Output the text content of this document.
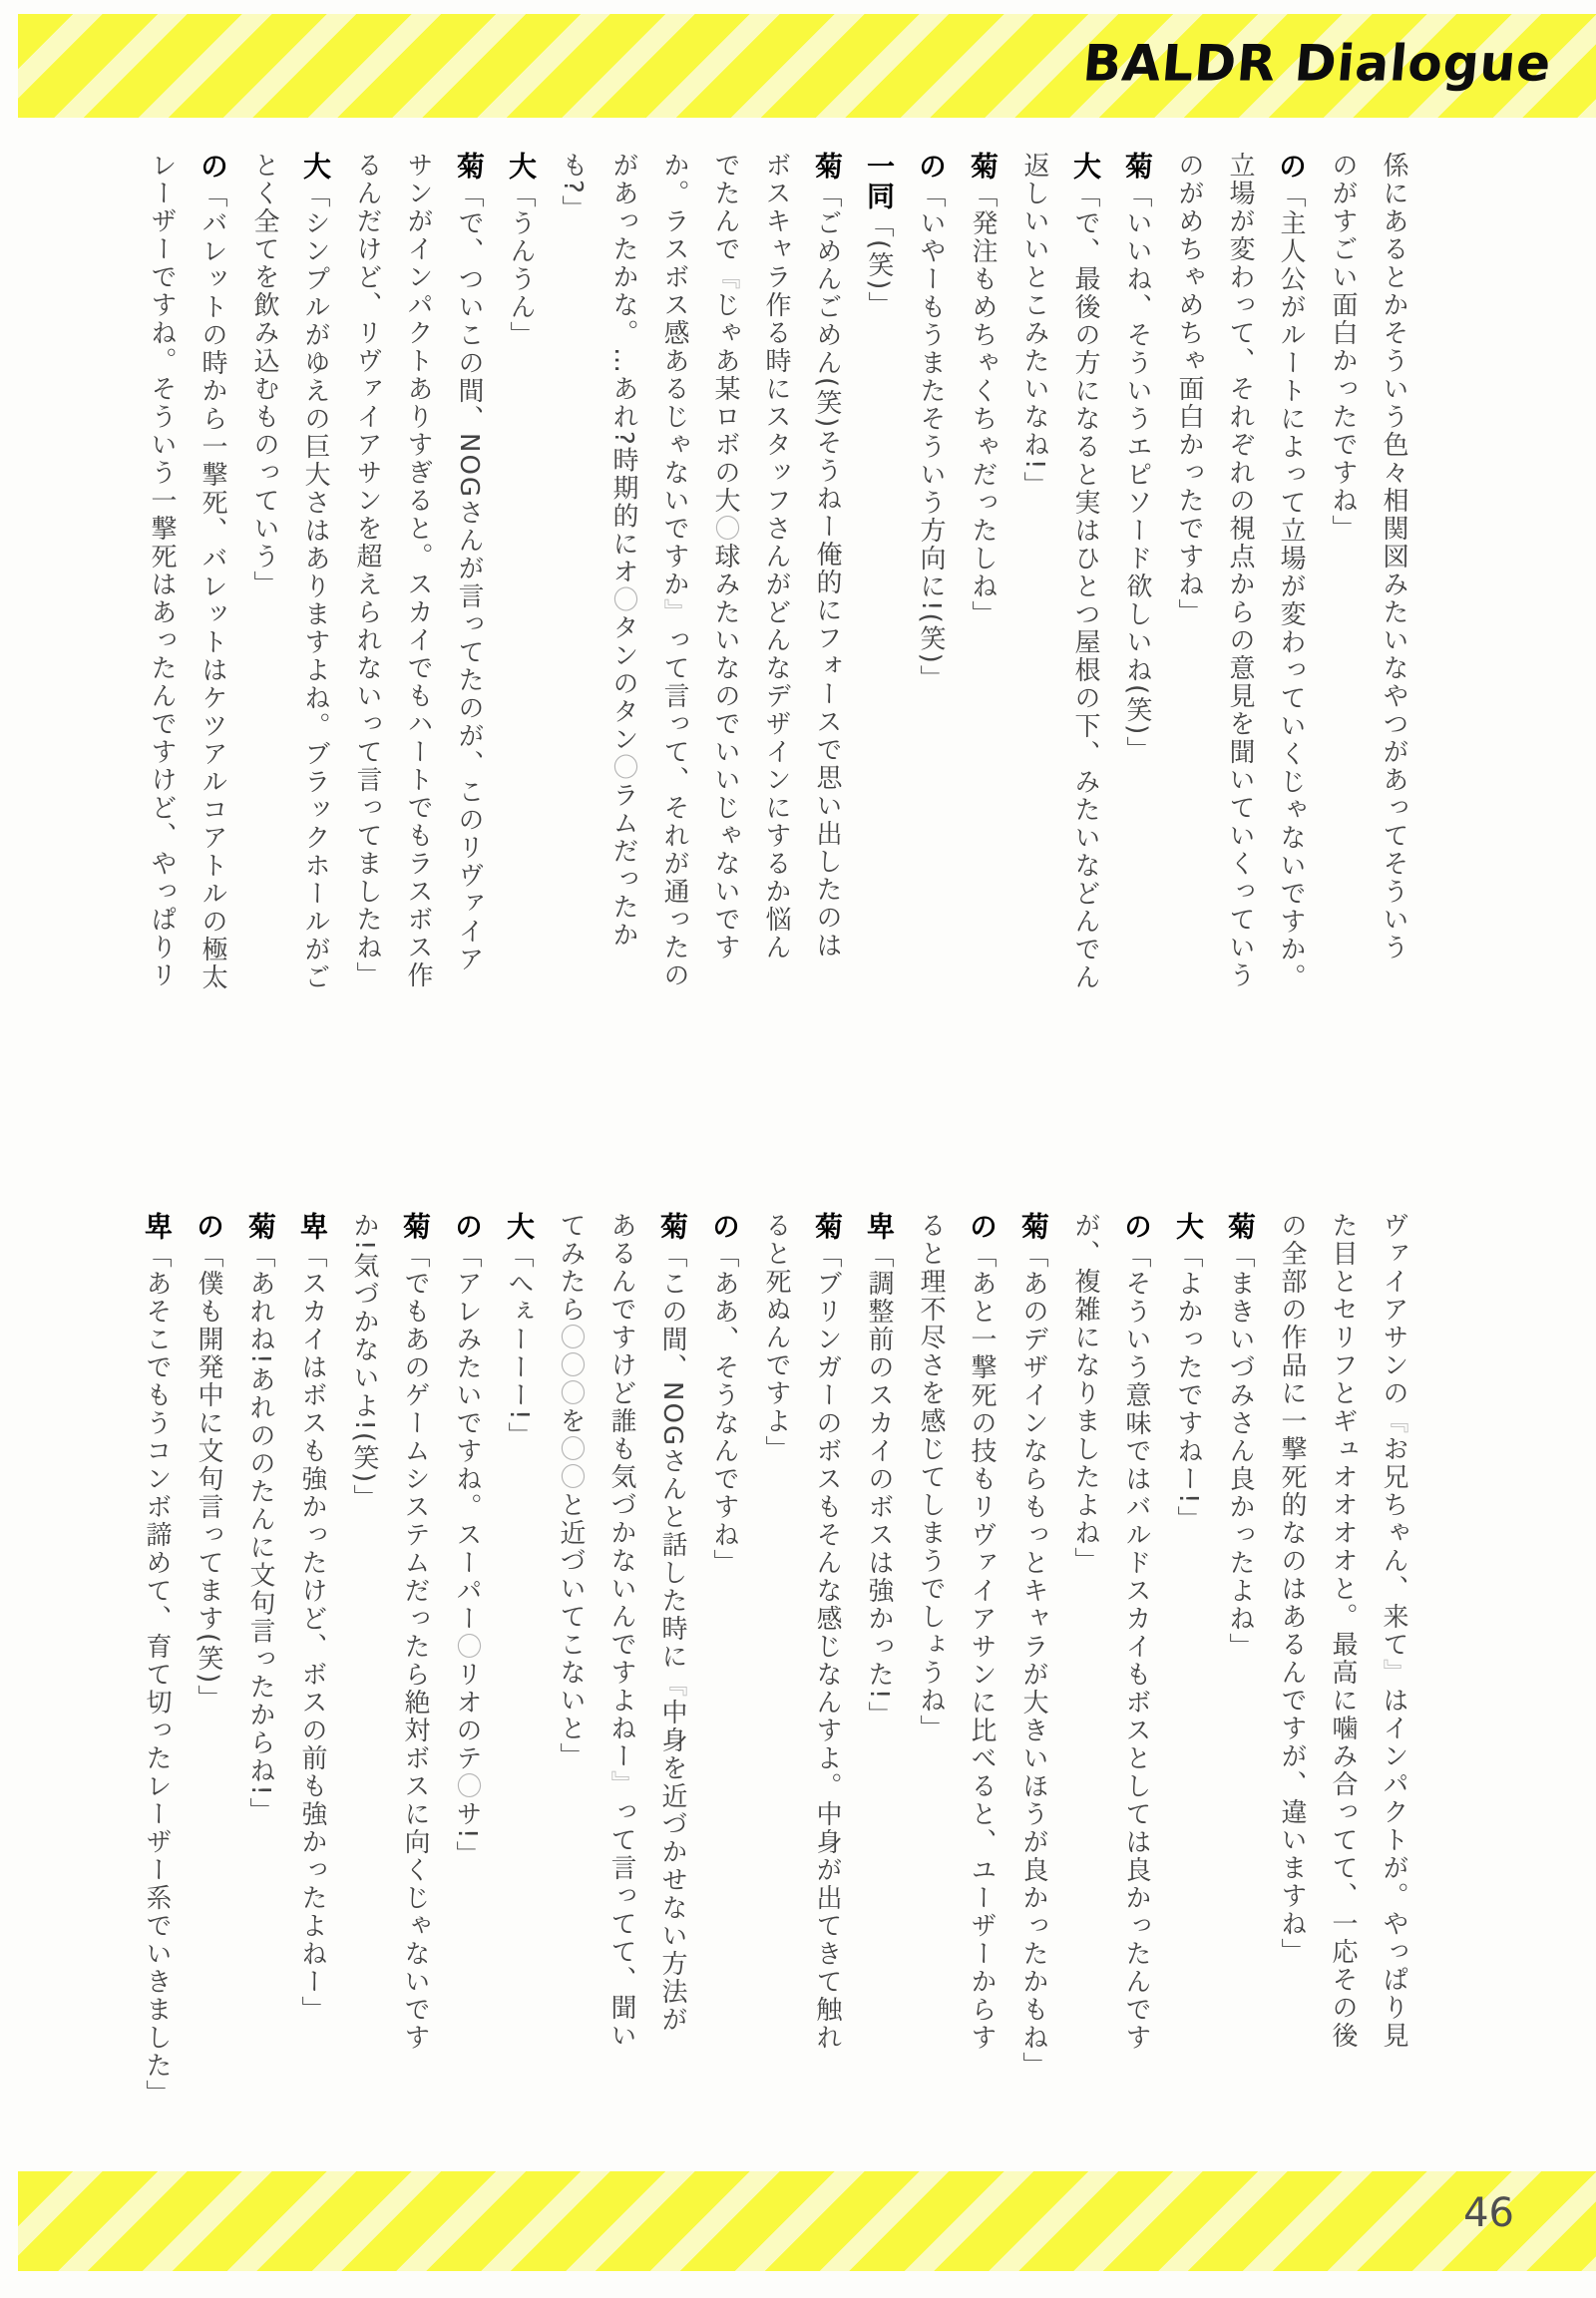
BALDR Dialogue

係にあるとかそういう色々相関図みたいなやつがあってそういう

のがすごい面白かったですね」

の「主人公がルートによって立場が変わっていくじゃないですか。

立場が変わって、それぞれの視点からの意見を聞いていくっていう

のがめちゃめちゃ面白かったですね」

菊「いいね、そういうエピソード欲しいね(笑)」

大「で、最後の方になると実はひとつ屋根の下、みたいなどんでん

返しいいとこみたいなね!」

菊「発注もめちゃくちゃだったしね」

の「いやーもうまたそういう方向に!(笑)」

一同「(笑)」

菊「ごめんごめん(笑)そうねー俺的にフォースで思い出したのは

ボスキャラ作る時にスタッフさんがどんなデザインにするか悩ん

でたんで『じゃあ某ロボの大〇球みたいなのでいいじゃないです

か。ラスボス感あるじゃないですか』って言って、それが通ったの

があったかな。…あれ?時期的にオ〇タンのタン〇ラムだったか

も?」

大「うんうん」

菊「で、ついこの間、NOGさんが言ってたのが、このリヴァイア

サンがインパクトありすぎると。スカイでもハートでもラスボス作

るんだけど、リヴァイアサンを超えられないって言ってましたね」

大「シンプルがゆえの巨大さはありますよね。ブラックホールがご

とく全てを飲み込むものっていう」

の「バレットの時から一撃死、バレットはケツアルコアトルの極太

レーザーですね。そういう一撃死はあったんですけど、やっぱりリ

ヴァイアサンの『お兄ちゃん、来て』はインパクトが。やっぱり見

た目とセリフとギュオオオオと。最高に噛み合ってて、一応その後

の全部の作品に一撃死的なのはあるんですが、違いますね」

菊「まきいづみさん良かったよね」

大「よかったですねー!」

の「そういう意味ではバルドスカイもボスとしては良かったんです

が、複雑になりましたよね」

菊「あのデザインならもっとキャラが大きいほうが良かったかもね」

の「あと一撃死の技もリヴァイアサンに比べると、ユーザーからす

ると理不尽さを感じてしまうでしょうね」

卑「調整前のスカイのボスは強かった!」

菊「ブリンガーのボスもそんな感じなんすよ。中身が出てきて触れ

ると死ぬんですよ」

の「ああ、そうなんですね」

菊「この間、NOGさんと話した時に『中身を近づかせない方法が

あるんですけど誰も気づかないんですよねー』って言ってて、聞い

てみたら〇〇〇を〇〇と近づいてこないと」

大「へぇーーー!」

の「アレみたいですね。スーパー〇リオのテ〇サ!」

菊「でもあのゲームシステムだったら絶対ボスに向くじゃないです

か!気づかないよ!(笑)」

卑「スカイはボスも強かったけど、ボスの前も強かったよねー」

菊「あれね!あれののたんに文句言ったからね!」

の「僕も開発中に文句言ってます(笑)」

卑「あそこでもうコンボ諦めて、育て切ったレーザー系でいきました」

46
